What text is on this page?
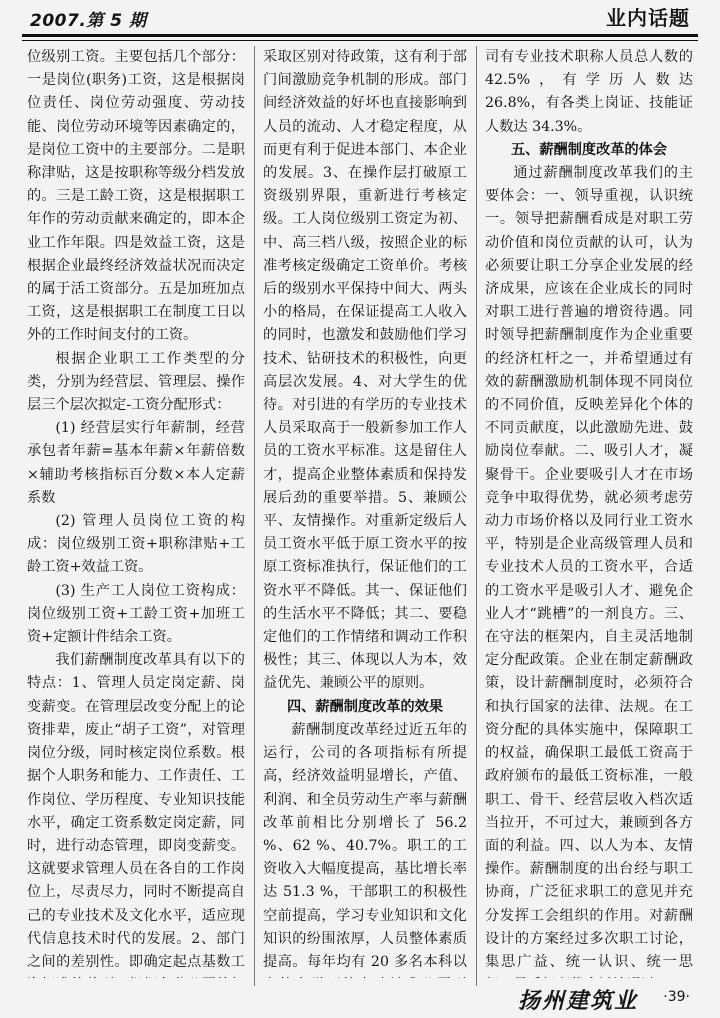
2007.第 5 期	业内话题

位级别工资。主要包括几个部分：一是岗位(职务)工资，这是根据岗位责任、岗位劳动强度、劳动技能、岗位劳动环境等因素确定的，是岗位工资中的主要部分。二是职称津贴，这是按职称等级分档发放的。三是工龄工资，这是根据职工年作的劳动贡献来确定的，即本企业工作年限。四是效益工资，这是根据企业最终经济效益状况而决定的属于活工资部分。五是加班加点工资，这是根据职工在制度工日以外的工作时间支付的工资。

根据企业职工工作类型的分类，分别为经营层、管理层、操作层三个层次拟定-工资分配形式：

(1) 经营层实行年薪制，经营承包者年薪=基本年薪×年薪倍数×辅助考核指标百分数×本人定薪系数

(2) 管理人员岗位工资的构成：岗位级别工资+职称津贴+工龄工资+效益工资。

(3) 生产工人岗位工资构成：岗位级别工资+工龄工资+加班工资+定额计件结余工资。

我们薪酬制度改革具有以下的特点：1、管理人员定岗定薪、岗变薪变。在管理层改变分配上的论资排辈，废止“胡子工资”，对管理岗位分级，同时核定岗位系数。根据个人职务和能力、工作责任、工作岗位、学历程度、专业知识技能水平，确定工资系数定岗定薪，同时，进行动态管理，即岗变薪变。这就要求管理人员在各自的工作岗位上，尽责尽力，同时不断提高自己的专业技术及文化水平，适应现代信息技术时代的发展。2、部门之间的差别性。即确定起点基数工

采取区别对待政策，这有利于部门间激励竞争机制的形成。部门间经济效益的好坏也直接影响到人员的流动、人才稳定程度，从而更有利于促进本部门、本企业的发展。3、在操作层打破原工资级别界限，重新进行考核定级。工人岗位级别工资定为初、中、高三档八级，按照企业的标准考核定级确定工资单价。考核后的级别水平保持中间大、两头小的格局，在保证提高工人收入的同时，也激发和鼓励他们学习技术、钻研技术的积极性，向更高层次发展。4、对大学生的优待。对引进的有学历的专业技术人员采取高于一般新参加工作人员的工资水平标准。这是留住人才，提高企业整体素质和保持发展后劲的重要举措。5、兼顾公平、友情操作。对重新定级后人员工资水平低于原工资水平的按原工资标准执行，保证他们的工资水平不降低。其一、保证他们的生活水平不降低；其二、要稳定他们的工作情绪和调动工作积极性；其三、体现以人为本，效益优先、兼顾公平的原则。

四、薪酬制度改革的效果

薪酬制度改革经过近五年的运行，公司的各项指标有所提高，经济效益明显增长，产值、利润、和全员劳动生产率与薪酬改革前相比分别增长了 56.2 %、62 %、40.7%。职工的工资收入大幅度提高，基比增长率达 51.3 %，干部职工的积极性空前提高，学习专业知识和文化知识的纷围浓厚，人员整体素质提高。每年均有 20 多名本科以

司有专业技术职称人员总人数的 42.5%，有学历人数达 26.8%，有各类上岗证、技能证人数达 34.3%。

五、薪酬制度改革的体会

通过薪酬制度改革我们的主要体会：一、领导重视，认识统一。领导把薪酬看成是对职工劳动价值和岗位贡献的认可，认为必须要让职工分享企业发展的经济成果，应该在企业成长的同时对职工进行普遍的增资待遇。同时领导把薪酬制度作为企业重要的经济杠杆之一，并希望通过有效的薪酬激励机制体现不同岗位的不同价值，反映差异化个体的不同贡献度，以此激励先进、鼓励岗位奉献。二、吸引人才，凝聚骨干。企业要吸引人才在市场竞争中取得优势，就必须考虑劳动力市场价格以及同行业工资水平，特别是企业高级管理人员和专业技术人员的工资水平，合适的工资水平是吸引人才、避免企业人才“跳槽”的一剂良方。三、在守法的框架内，自主灵活地制定分配政策。企业在制定薪酬政策，设计薪酬制度时，必须符合和执行国家的法律、法规。在工资分配的具体实施中，保障职工的权益，确保职工最低工资高于政府颁布的最低工资标准，一般职工、骨干、经营层收入档次适当拉开，不可过大，兼顾到各方面的利益。四、以人为本、友情操作。薪酬制度的出台经与职工协商，广泛征求职工的意见并充分发挥工会组织的作用。对薪酬设计的方案经过多次职工讨论，集思广益、统一认识、统一思

扬州建筑业 ·39·
